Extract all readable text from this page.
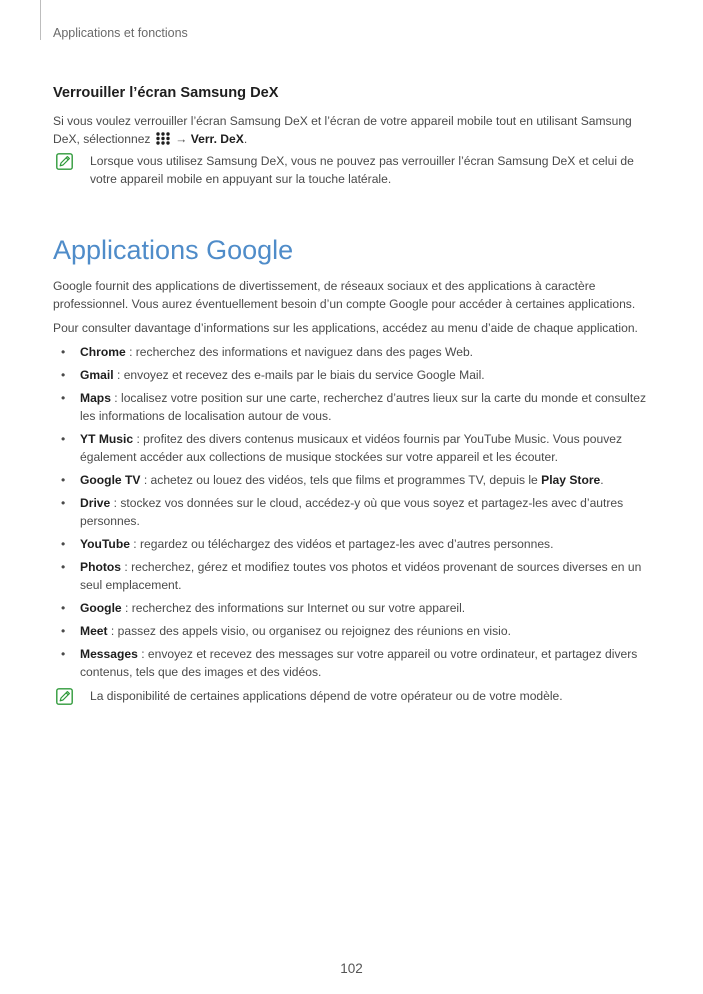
Applications et fonctions
Verrouiller l’écran Samsung DeX

Si vous voulez verrouiller l’écran Samsung DeX et l’écran de votre appareil mobile tout en utilisant Samsung DeX, sélectionnez → Verr. DeX.

Lorsque vous utilisez Samsung DeX, vous ne pouvez pas verrouiller l’écran Samsung DeX et celui de votre appareil mobile en appuyant sur la touche latérale.

Applications Google

Google fournit des applications de divertissement, de réseaux sociaux et des applications à caractère professionnel. Vous aurez éventuellement besoin d’un compte Google pour accéder à certaines applications.

Pour consulter davantage d’informations sur les applications, accédez au menu d’aide de chaque application.

• Chrome : recherchez des informations et naviguez dans des pages Web.
• Gmail : envoyez et recevez des e-mails par le biais du service Google Mail.
• Maps : localisez votre position sur une carte, recherchez d’autres lieux sur la carte du monde et consultez les informations de localisation autour de vous.
• YT Music : profitez des divers contenus musicaux et vidéos fournis par YouTube Music. Vous pouvez également accéder aux collections de musique stockées sur votre appareil et les écouter.
• Google TV : achetez ou louez des vidéos, tels que films et programmes TV, depuis le Play Store.
• Drive : stockez vos données sur le cloud, accédez-y où que vous soyez et partagez-les avec d’autres personnes.
• YouTube : regardez ou téléchargez des vidéos et partagez-les avec d’autres personnes.
• Photos : recherchez, gérez et modifiez toutes vos photos et vidéos provenant de sources diverses en un seul emplacement.
• Google : recherchez des informations sur Internet ou sur votre appareil.
• Meet : passez des appels visio, ou organisez ou rejoignez des réunions en visio.
• Messages : envoyez et recevez des messages sur votre appareil ou votre ordinateur, et partagez divers contenus, tels que des images et des vidéos.

La disponibilité de certaines applications dépend de votre opérateur ou de votre modèle.

102
